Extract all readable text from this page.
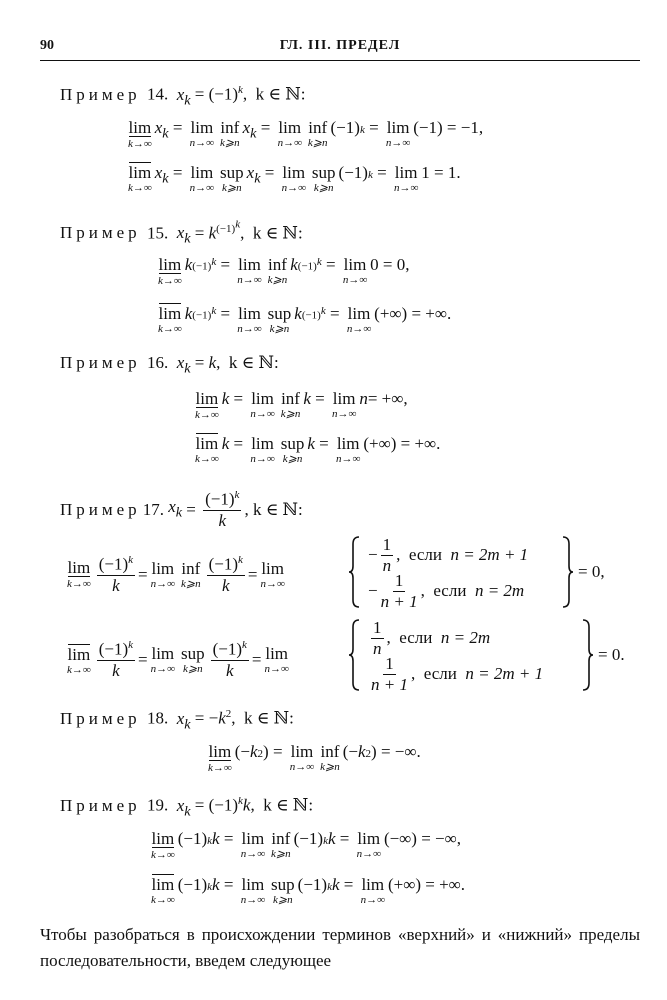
90	ГЛ. III. ПРЕДЕЛ
Пример 14. $x_k = (-1)^k$,  k ∈ ℕ:
lim
k→∞
$x_k = \lim$
n→∞
inf
k⩾n
$x_k = \lim$
n→∞
inf
k⩾n
(−1) $^k$ = lim
n→∞
(−1) = −1,
lim
k→∞
$x_k = \lim$
n→∞
sup
k⩾n
$x_k = \lim$
n→∞
sup
k⩾n
(−1) $^k$ = lim
n→∞
1 = 1.
Пример 15. $x_k = k^{(-1)^k}$,  k ∈ ℕ:
lim
k→∞
k $(-1)^k = \lim$
n→∞
inf
k⩾n
k $(-1)^k = \lim$
n→∞
0 = 0,
lim
k→∞
k $(-1)^k = \lim$
n→∞
sup
k⩾n
k $(-1)^k = \lim$
n→∞
(+∞) = +∞.
Пример 16. $x_k = k$,  k ∈ ℕ:
lim
k→∞
k = lim
n→∞
inf
k⩾n
k = lim
n→∞
n = +∞,
lim
k→∞
k = lim
n→∞
sup
k⩾n
k = lim
n→∞
(+∞) = +∞.
Пример 17.
$x_k = \frac{(-1)^k}{k}$ , k ∈ ℕ:
lim
$k\to\infty \frac{(-1)^k}{k} = \lim$
n→∞
inf
k⩾n $\frac{(-1)^k}{k} = \lim$
n→∞
− $\frac{1}{n}$ , если
n = 2m + 1
− $\frac{1}{n + 1}$ , если
n = 2m
= 0,
lim
$k\to\infty \frac{(-1)^k}{k} = \lim$
n→∞
sup
k⩾n $\frac{(-1)^k}{k} = \lim$
n→∞
$\frac{1}{n}$ , если
n = 2m
$\frac{1}{n + 1}$ , если
n = 2m + 1
= 0.
Пример 18. $x_k = -k^2$,  k ∈ ℕ:
lim
k→∞
(− k 2 ) = lim
n→∞
inf
k⩾n
(− k 2 ) = −∞.
Пример 19. $x_k = (-1)^kk$,  k ∈ ℕ:
lim
k→∞
(−1) $^k$ k = lim
n→∞
inf
k⩾n
(−1) $^k$ k = lim
n→∞
(−∞) = −∞,
lim
k→∞
(−1) k k = lim
n→∞
sup
k⩾n
(−1) $^k$ k = lim
n→∞
(+∞) = +∞.
Чтобы разобраться в происхождении терминов «верхний» и «нижний» пределы последовательности, введем следующее
